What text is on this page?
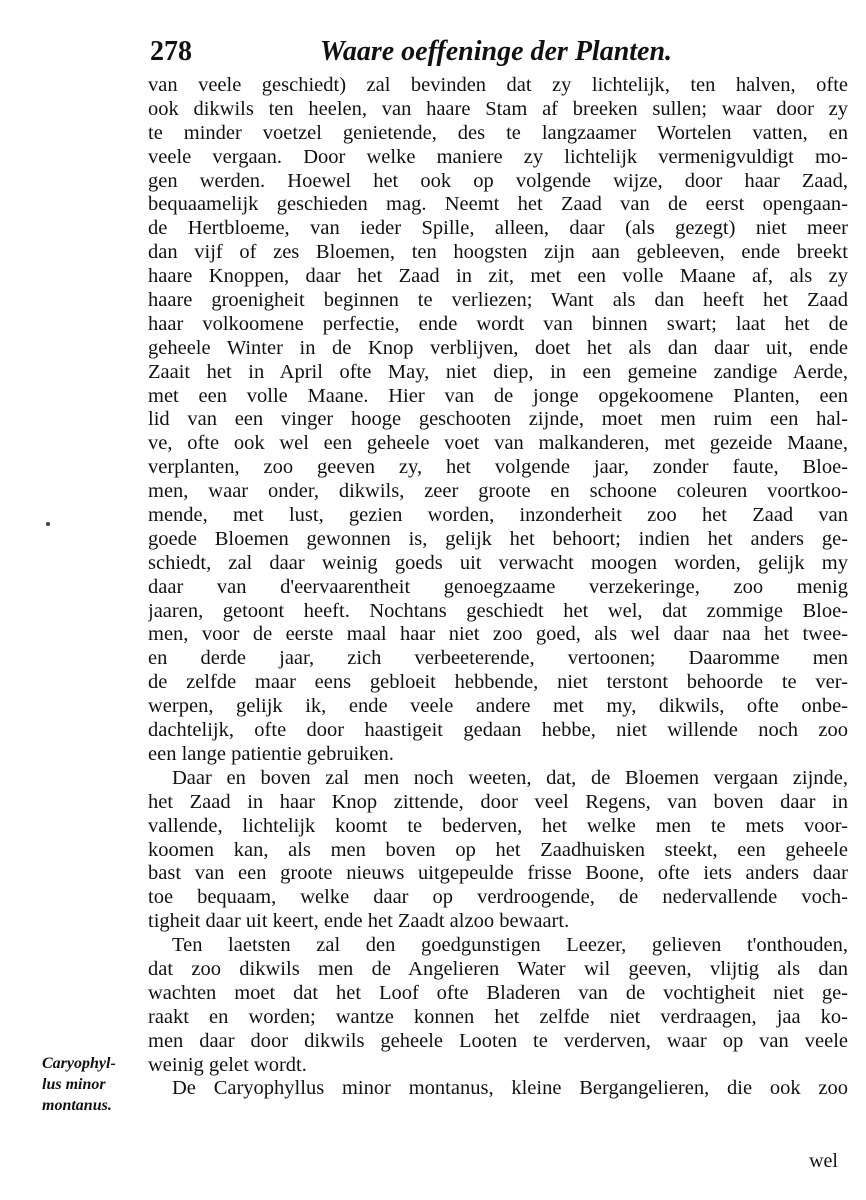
278	Waare oeffeninge der Planten.
van veele geschiedt) zal bevinden dat zy lichtelijk, ten halven, ofte
ook dikwils ten heelen, van haare Stam af breeken sullen; waar door zy
te minder voetzel genietende, des te langzaamer Wortelen vatten, en
veele vergaan. Door welke maniere zy lichtelijk vermenigvuldigt mo-
gen werden. Hoewel het ook op volgende wijze, door haar Zaad,
bequaamelijk geschieden mag. Neemt het Zaad van de eerst opengaan-
de Hertbloeme, van ieder Spille, alleen, daar (als gezegt) niet meer
dan vijf of zes Bloemen, ten hoogsten zijn aan gebleeven, ende breekt
haare Knoppen, daar het Zaad in zit, met een volle Maane af, als zy
haare groenigheit beginnen te verliezen; Want als dan heeft het Zaad
haar volkoomene perfectie, ende wordt van binnen swart; laat het de
geheele Winter in de Knop verblijven, doet het als dan daar uit, ende
Zaait het in April ofte May, niet diep, in een gemeine zandige Aerde,
met een volle Maane. Hier van de jonge opgekoomene Planten, een
lid van een vinger hooge geschooten zijnde, moet men ruim een hal-
ve, ofte ook wel een geheele voet van malkanderen, met gezeide Maane,
verplanten, zoo geeven zy, het volgende jaar, zonder faute, Bloe-
men, waar onder, dikwils, zeer groote en schoone coleuren voortkoo-
mende, met lust, gezien worden, inzonderheit zoo het Zaad van
goede Bloemen gewonnen is, gelijk het behoort; indien het anders ge-
schiedt, zal daar weinig goeds uit verwacht moogen worden, gelijk my
daar van d'eervaarentheit genoegzaame verzekeringe, zoo menig
jaaren, getoont heeft. Nochtans geschiedt het wel, dat zommige Bloe-
men, voor de eerste maal haar niet zoo goed, als wel daar naa het twee-
en derde jaar, zich verbeeterende, vertoonen; Daaromme men
de zelfde maar eens gebloeit hebbende, niet terstont behoorde te ver-
werpen, gelijk ik, ende veele andere met my, dikwils, ofte onbe-
dachtelijk, ofte door haastigeit gedaan hebbe, niet willende noch zoo
een lange patientie gebruiken.
Daar en boven zal men noch weeten, dat, de Bloemen vergaan zijnde,
het Zaad in haar Knop zittende, door veel Regens, van boven daar in
vallende, lichtelijk koomt te bederven, het welke men te mets voor-
koomen kan, als men boven op het Zaadhuisken steekt, een geheele
bast van een groote nieuws uitgepeulde frisse Boone, ofte iets anders daar
toe bequaam, welke daar op verdroogende, de nedervallende voch-
tigheit daar uit keert, ende het Zaadt alzoo bewaart.
Ten laetsten zal den goedgunstigen Leezer, gelieven t'onthouden,
dat zoo dikwils men de Angelieren Water wil geeven, vlijtig als dan
wachten moet dat het Loof ofte Bladeren van de vochtigheit niet ge-
raakt en worden; wantze konnen het zelfde niet verdraagen, jaa ko-
men daar door dikwils geheele Looten te verderven, waar op van veele
weinig gelet wordt.
De Caryophyllus minor montanus, kleine Bergangelieren, die ook zoo
Caryophyl-
lus minor
montanus.
wel
